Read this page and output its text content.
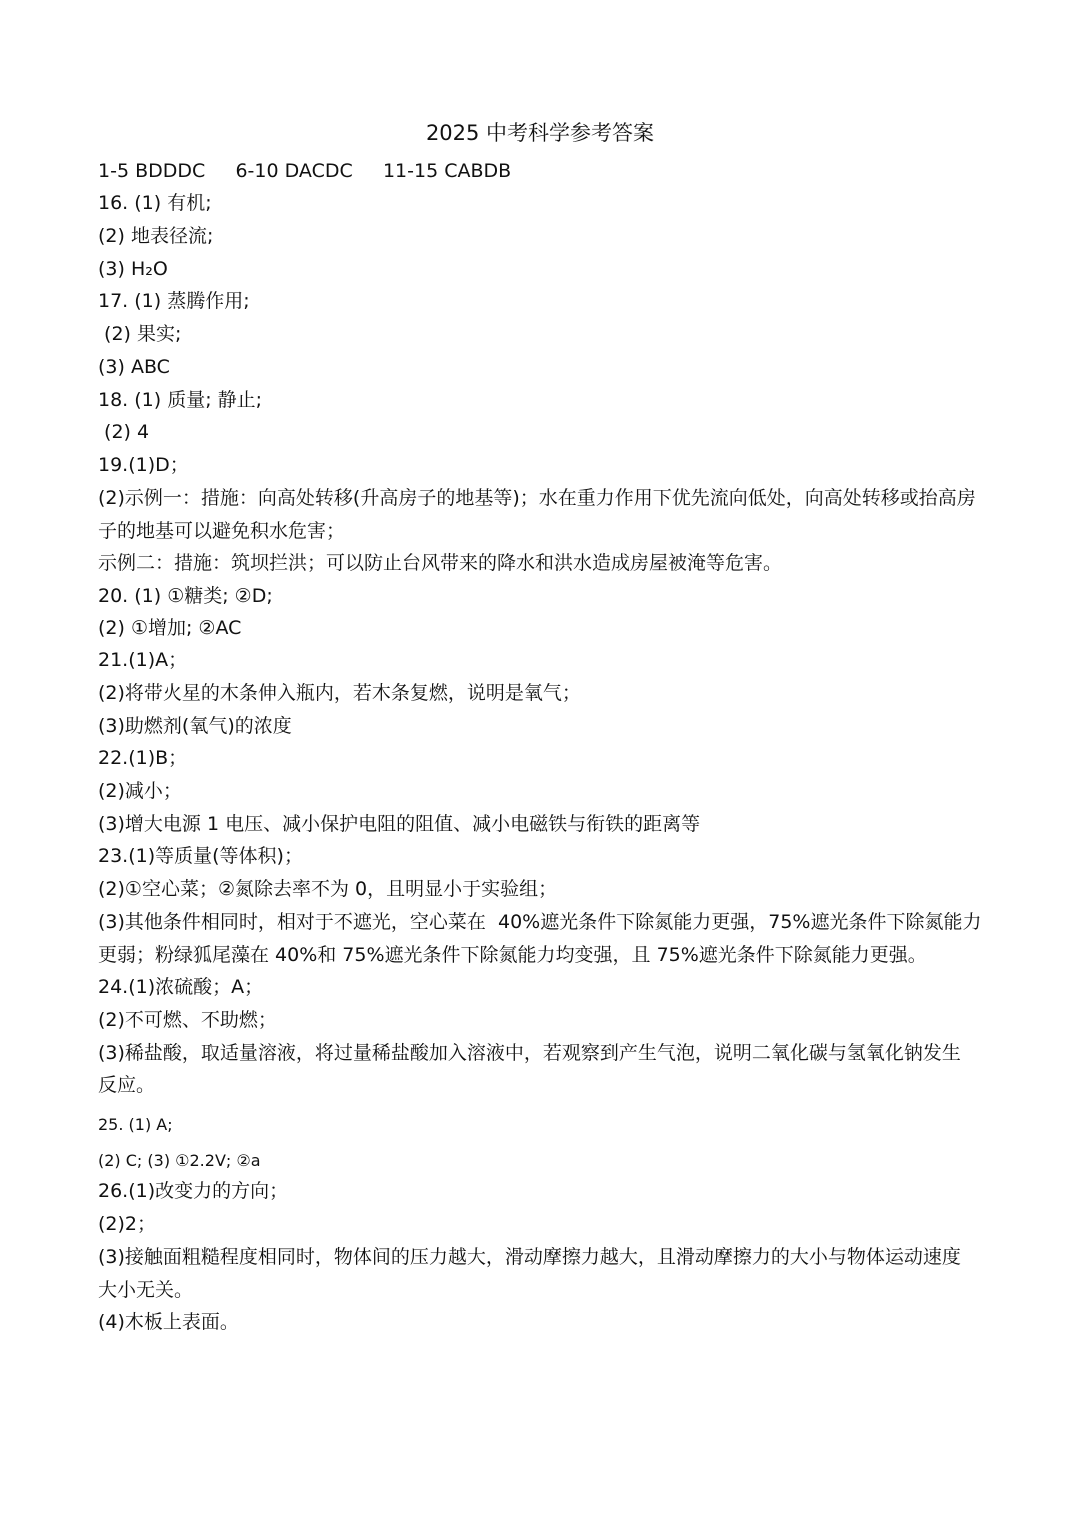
2025 中考科学参考答案
1-5 BDDDC     6-10 DACDC     11-15 CABDB
16. (1) 有机;
(2) 地表径流;
(3) H₂O
17. (1) 蒸腾作用;
(2) 果实;
(3) ABC
18. (1) 质量; 静止;
(2) 4
19.(1)D；
(2)示例一：措施：向高处转移(升高房子的地基等)；水在重力作用下优先流向低处，向高处转移或抬高房
子的地基可以避免积水危害；
示例二：措施：筑坝拦洪；可以防止台风带来的降水和洪水造成房屋被淹等危害。
20. (1) ①糖类; ②D;
(2) ①增加; ②AC
21.(1)A；
(2)将带火星的木条伸入瓶内，若木条复燃，说明是氧气；
(3)助燃剂(氧气)的浓度
22.(1)B；
(2)减小；
(3)增大电源 1 电压、减小保护电阻的阻值、减小电磁铁与衔铁的距离等
23.(1)等质量(等体积)；
(2)①空心菜；②氮除去率不为 0，且明显小于实验组；
(3)其他条件相同时，相对于不遮光，空心菜在  40%遮光条件下除氮能力更强，75%遮光条件下除氮能力
更弱；粉绿狐尾藻在 40%和 75%遮光条件下除氮能力均变强，且 75%遮光条件下除氮能力更强。
24.(1)浓硫酸；A；
(2)不可燃、不助燃；
(3)稀盐酸，取适量溶液，将过量稀盐酸加入溶液中，若观察到产生气泡，说明二氧化碳与氢氧化钠发生
反应。
25. (1) A;
(2) C; (3) ①2.2V; ②a
26.(1)改变力的方向；
(2)2；
(3)接触面粗糙程度相同时，物体间的压力越大，滑动摩擦力越大，且滑动摩擦力的大小与物体运动速度
大小无关。
(4)木板上表面。
